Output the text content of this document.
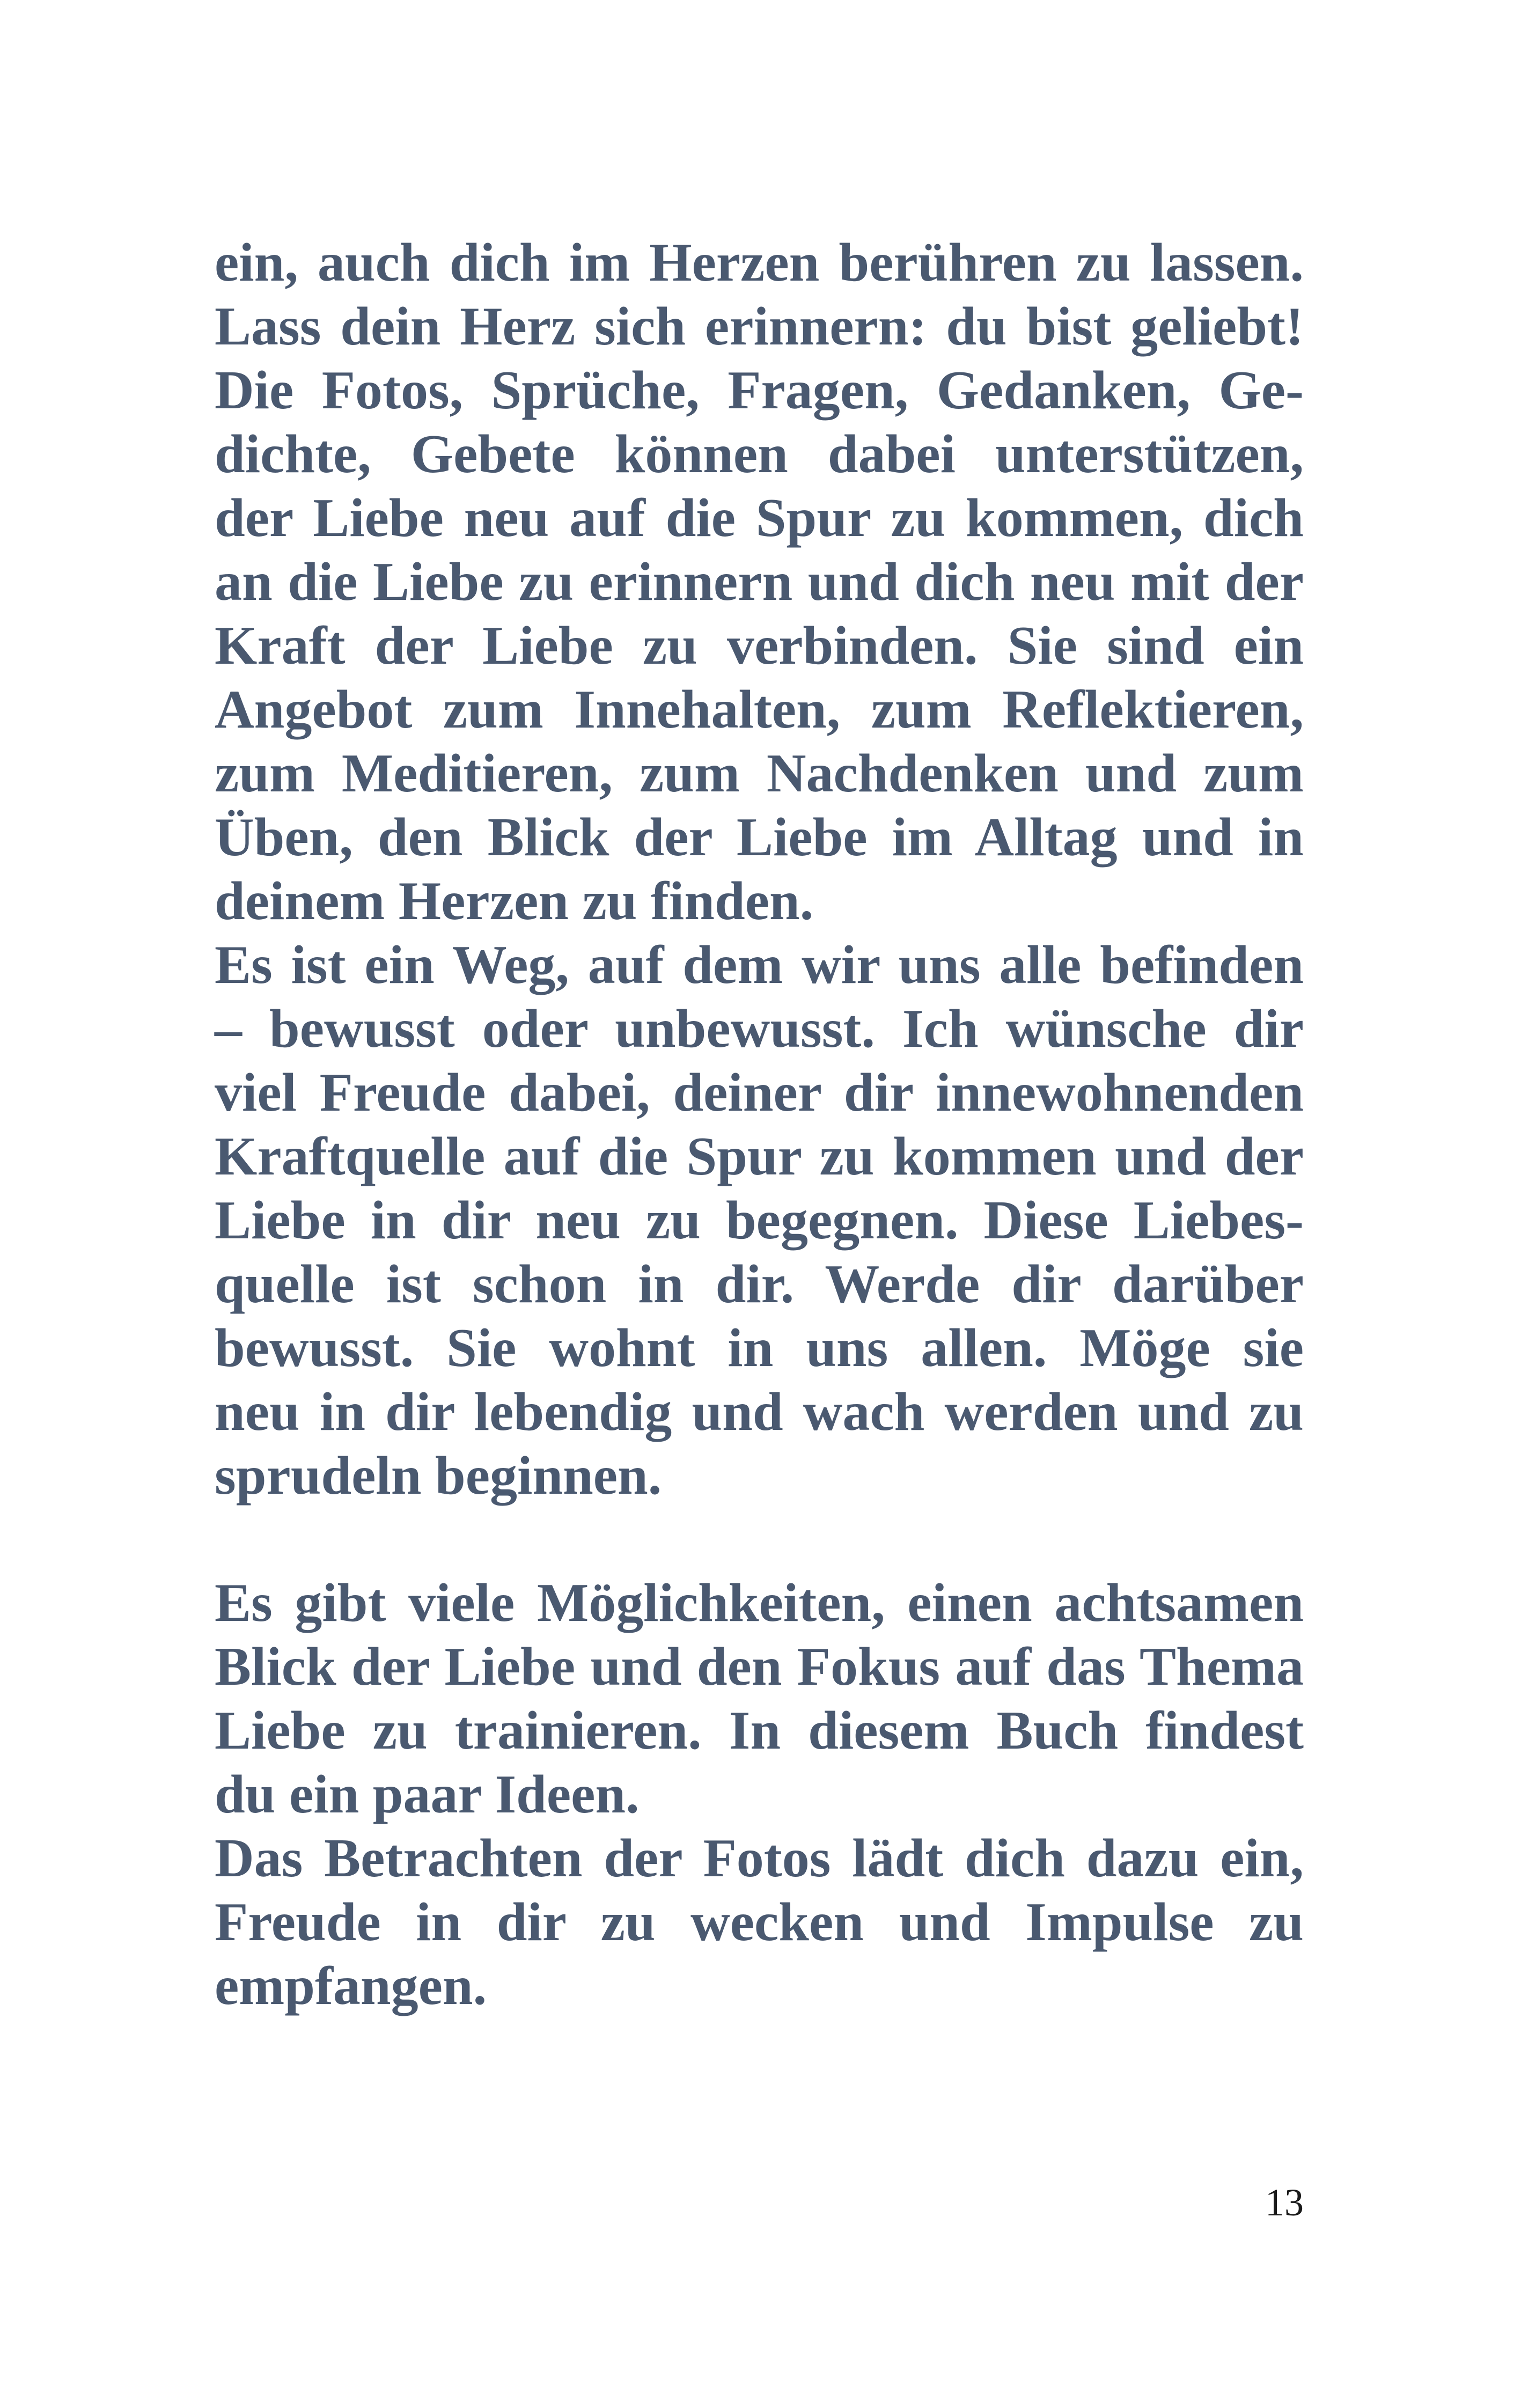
ein, auch dich im Herzen berühren zu lassen.
Lass dein Herz sich erinnern: du bist geliebt!
Die Fotos, Sprüche, Fragen, Gedanken, Ge-
dichte, Gebete können dabei unterstützen,
der Liebe neu auf die Spur zu kommen, dich
an die Liebe zu erinnern und dich neu mit der
Kraft der Liebe zu verbinden. Sie sind ein
Angebot zum Innehalten, zum Reflektieren,
zum Meditieren, zum Nachdenken und zum
Üben, den Blick der Liebe im Alltag und in
deinem Herzen zu finden.
Es ist ein Weg, auf dem wir uns alle befinden
– bewusst oder unbewusst. Ich wünsche dir
viel Freude dabei, deiner dir innewohnenden
Kraftquelle auf die Spur zu kommen und der
Liebe in dir neu zu begegnen. Diese Liebes-
quelle ist schon in dir. Werde dir darüber
bewusst. Sie wohnt in uns allen. Möge sie
neu in dir lebendig und wach werden und zu
sprudeln beginnen.
Es gibt viele Möglichkeiten, einen achtsamen
Blick der Liebe und den Fokus auf das Thema
Liebe zu trainieren. In diesem Buch findest
du ein paar Ideen.
Das Betrachten der Fotos lädt dich dazu ein,
Freude in dir zu wecken und Impulse zu
empfangen.
13
